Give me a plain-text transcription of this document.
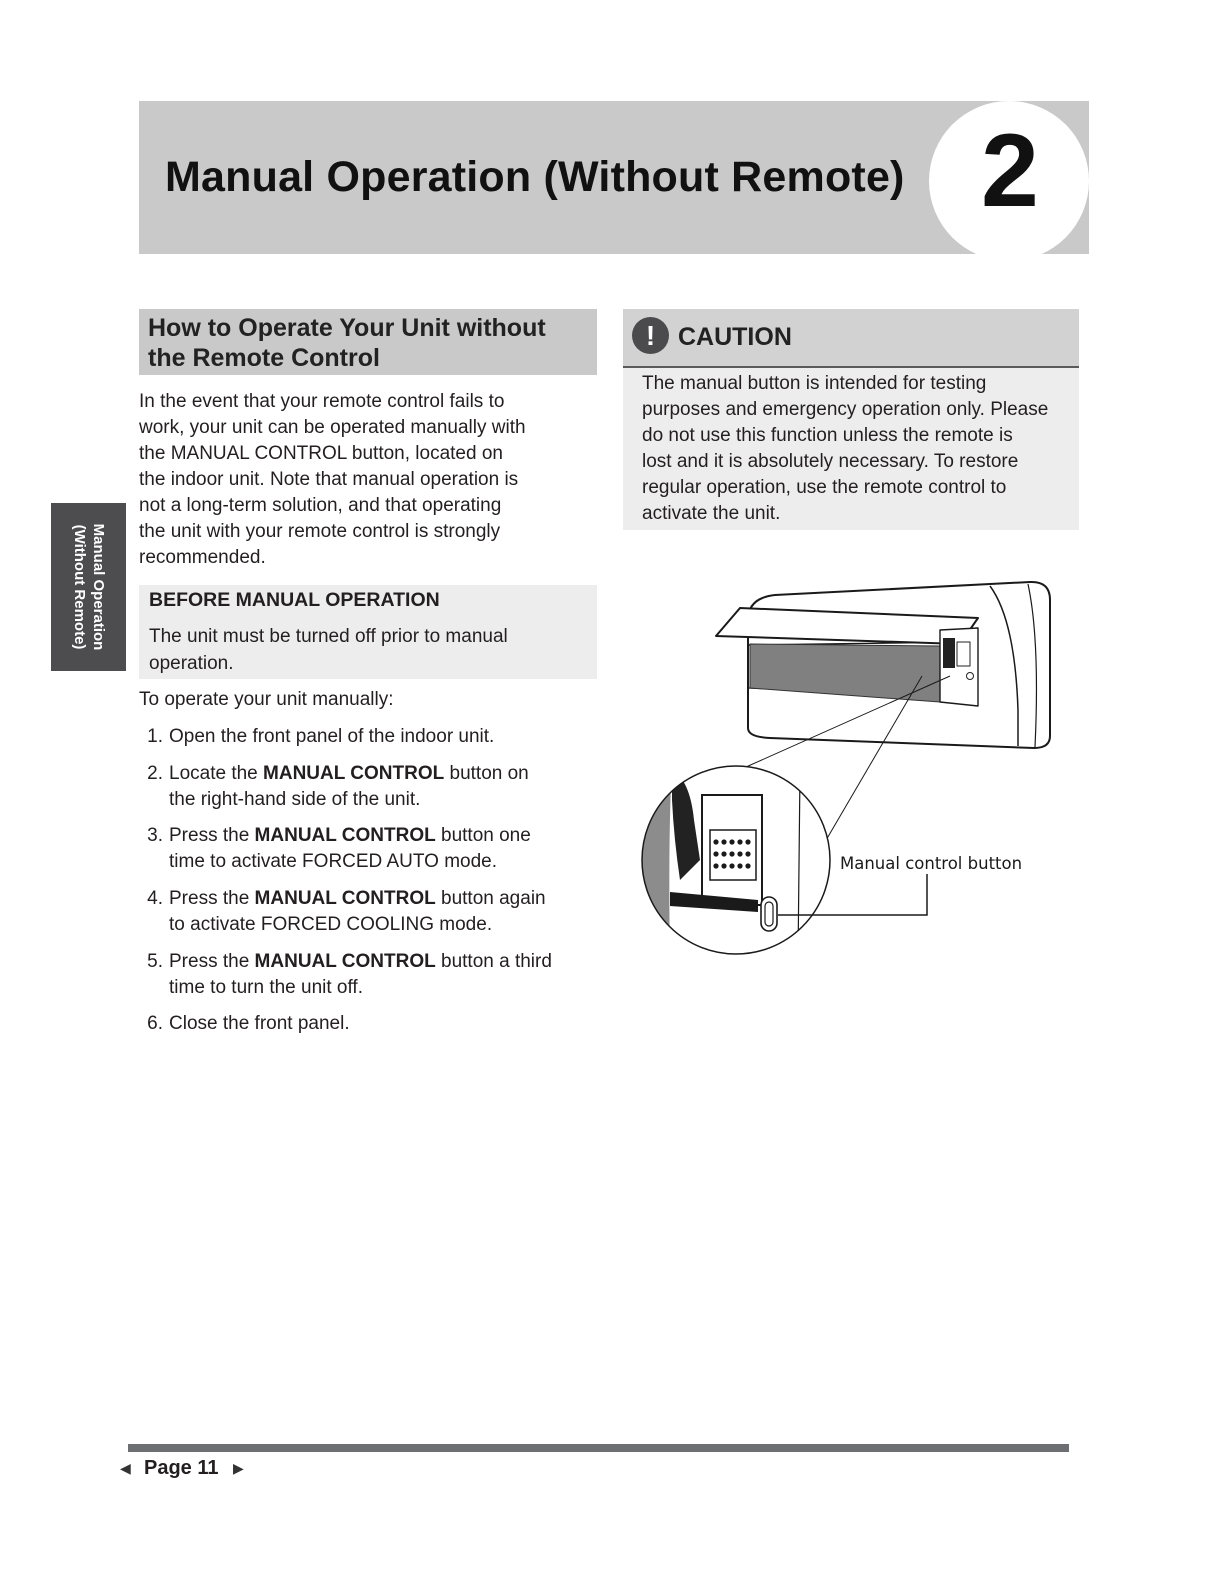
Manual Operation (Without Remote) 2
Manual Operation
(Without Remote)
How to Operate Your Unit without
the Remote Control
In the event that your remote control fails to
work, your unit can be operated manually with
the MANUAL CONTROL button, located on
the indoor unit. Note that manual operation is
not a long-term solution, and that operating
the unit with your remote control is strongly
recommended.
BEFORE MANUAL OPERATION
The unit must be turned off prior to manual
operation.
To operate your unit manually:
1. Open the front panel of the indoor unit.
2. Locate the MANUAL CONTROL button on
the right-hand side of the unit.
3. Press the MANUAL CONTROL button one
time to activate FORCED AUTO mode.
4. Press the MANUAL CONTROL button again
to activate FORCED COOLING mode.
5. Press the MANUAL CONTROL button a third
time to turn the unit off.
6. Close the front panel.
! CAUTION
The manual button is intended for testing
purposes and emergency operation only. Please
do not use this function unless the remote is
lost and it is absolutely necessary. To restore
regular operation, use the remote control to
activate the unit.
Manual control button
◀ Page 11 ▶
